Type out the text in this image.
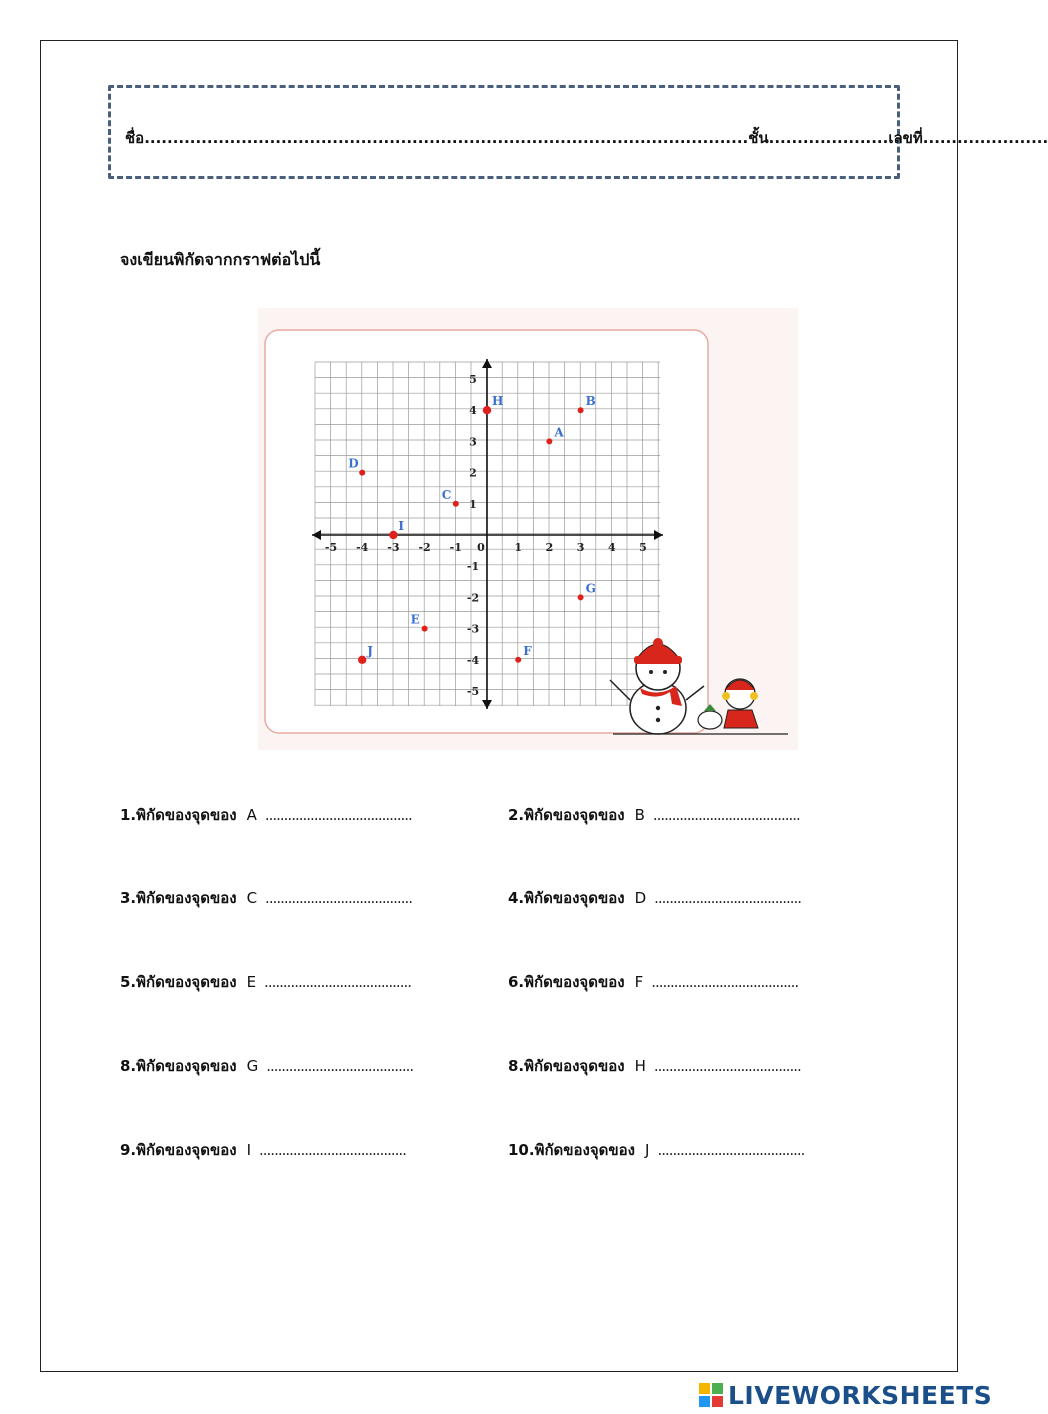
ชื่อ..........................................................................................................ชั้น.....................เลขที่......................
จงเขียนพิกัดจากกราฟต่อไปนี้
-5 -4 -3 -2 -1 0	1 2 3 4 5
5
4
3
2
1
-1
-2
-3
-4
-5
A
B
C
D
E
F
G
H
I
J
1.พิกัดของจุดของ A .......................................	2.พิกัดของจุดของ B .......................................
3.พิกัดของจุดของ C .......................................	4.พิกัดของจุดของ D .......................................
5.พิกัดของจุดของ E .......................................	6.พิกัดของจุดของ F .......................................
8.พิกัดของจุดของ G .......................................	8.พิกัดของจุดของ H .......................................
9.พิกัดของจุดของ I .......................................	10.พิกัดของจุดของ J .......................................
LIVEWORKSHEETS
